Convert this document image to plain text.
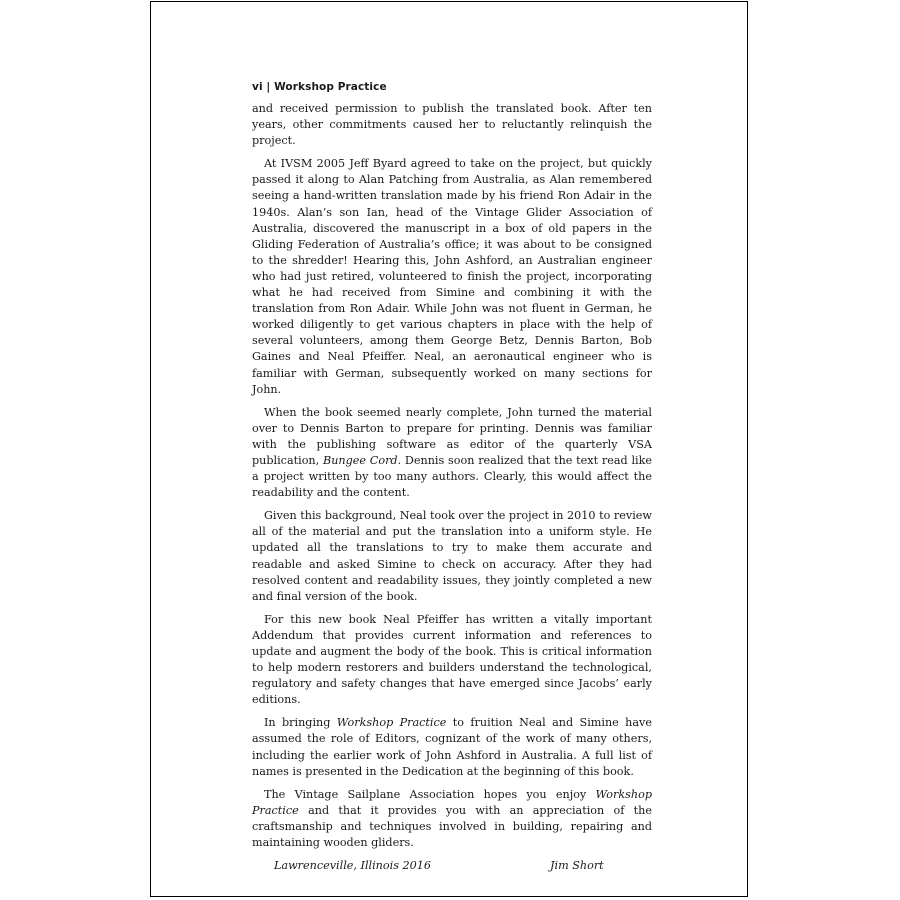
vi | Workshop Practice

and received permission to publish the translated book. After ten years, other commitments caused her to reluctantly relinquish the project.

At IVSM 2005 Jeff Byard agreed to take on the project, but quickly passed it along to Alan Patching from Australia, as Alan remembered seeing a hand-written translation made by his friend Ron Adair in the 1940s. Alan’s son Ian, head of the Vintage Glider Association of Australia, discovered the manuscript in a box of old papers in the Gliding Federation of Australia’s office; it was about to be consigned to the shredder! Hearing this, John Ashford, an Australian engineer who had just retired, volunteered to finish the project, incorporating what he had received from Simine and combining it with the translation from Ron Adair. While John was not fluent in German, he worked diligently to get various chapters in place with the help of several volunteers, among them George Betz, Dennis Barton, Bob Gaines and Neal Pfeiffer. Neal, an aeronautical engineer who is familiar with German, subsequently worked on many sections for John.

When the book seemed nearly complete, John turned the material over to Dennis Barton to prepare for printing. Dennis was familiar with the publishing software as editor of the quarterly VSA publication, Bungee Cord. Dennis soon realized that the text read like a project written by too many authors. Clearly, this would affect the readability and the content.

Given this background, Neal took over the project in 2010 to review all of the material and put the translation into a uniform style. He updated all the translations to try to make them accurate and readable and asked Simine to check on accuracy. After they had resolved content and readability issues, they jointly completed a new and final version of the book.

For this new book Neal Pfeiffer has written a vitally important Addendum that provides current information and references to update and augment the body of the book. This is critical information to help modern restorers and builders understand the technological, regulatory and safety changes that have emerged since Jacobs’ early editions.

In bringing Workshop Practice to fruition Neal and Simine have assumed the role of Editors, cognizant of the work of many others, including the earlier work of John Ashford in Australia. A full list of names is presented in the Dedication at the beginning of this book.

The Vintage Sailplane Association hopes you enjoy Workshop Practice and that it provides you with an appreciation of the craftsmanship and techniques involved in building, repairing and maintaining wooden gliders.

Lawrenceville, Illinois 2016	Jim Short
